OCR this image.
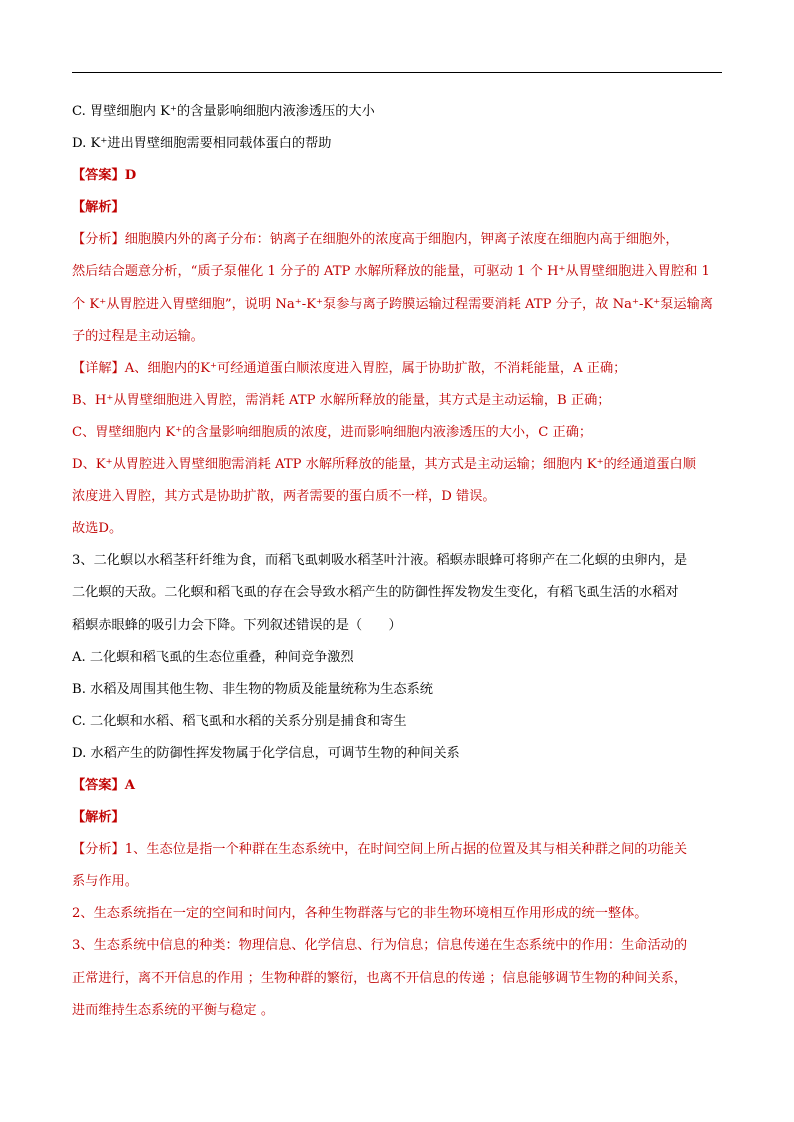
C. 胃壁细胞内 K⁺的含量影响细胞内液渗透压的大小
D. K⁺进出胃壁细胞需要相同载体蛋白的帮助
【答案】D
【解析】
【分析】细胞膜内外的离子分布：钠离子在细胞外的浓度高于细胞内，钾离子浓度在细胞内高于细胞外，
然后结合题意分析，“质子泵催化 1 分子的 ATP 水解所释放的能量，可驱动 1 个 H⁺从胃壁细胞进入胃腔和 1
个 K⁺从胃腔进入胃壁细胞”，说明 Na⁺-K⁺泵参与离子跨膜运输过程需要消耗 ATP 分子，故 Na⁺-K⁺泵运输离
子的过程是主动运输。
【详解】A、细胞内的K⁺可经通道蛋白顺浓度进入胃腔，属于协助扩散，不消耗能量，A 正确；
B、H⁺从胃壁细胞进入胃腔，需消耗 ATP 水解所释放的能量，其方式是主动运输，B 正确；
C、胃壁细胞内 K⁺的含量影响细胞质的浓度，进而影响细胞内液渗透压的大小，C 正确；
D、K⁺从胃腔进入胃壁细胞需消耗 ATP 水解所释放的能量，其方式是主动运输；细胞内 K⁺的经通道蛋白顺
浓度进入胃腔，其方式是协助扩散，两者需要的蛋白质不一样，D 错误。
故选D。
3、二化螟以水稻茎秆纤维为食，而稻飞虱刺吸水稻茎叶汁液。稻螟赤眼蜂可将卵产在二化螟的虫卵内，是
二化螟的天敌。二化螟和稻飞虱的存在会导致水稻产生的防御性挥发物发生变化，有稻飞虱生活的水稻对
稻螟赤眼蜂的吸引力会下降。下列叙述错误的是（　　）
A. 二化螟和稻飞虱的生态位重叠，种间竞争激烈
B. 水稻及周围其他生物、非生物的物质及能量统称为生态系统
C. 二化螟和水稻、稻飞虱和水稻的关系分别是捕食和寄生
D. 水稻产生的防御性挥发物属于化学信息，可调节生物的种间关系
【答案】A
【解析】
【分析】1、生态位是指一个种群在生态系统中，在时间空间上所占据的位置及其与相关种群之间的功能关
系与作用。
2、生态系统指在一定的空间和时间内，各种生物群落与它的非生物环境相互作用形成的统一整体。
3、生态系统中信息的种类：物理信息、化学信息、行为信息；信息传递在生态系统中的作用：生命活动的
正常进行，离不开信息的作用 ；生物种群的繁衍，也离不开信息的传递 ；信息能够调节生物的种间关系，
进而维持生态系统的平衡与稳定 。
